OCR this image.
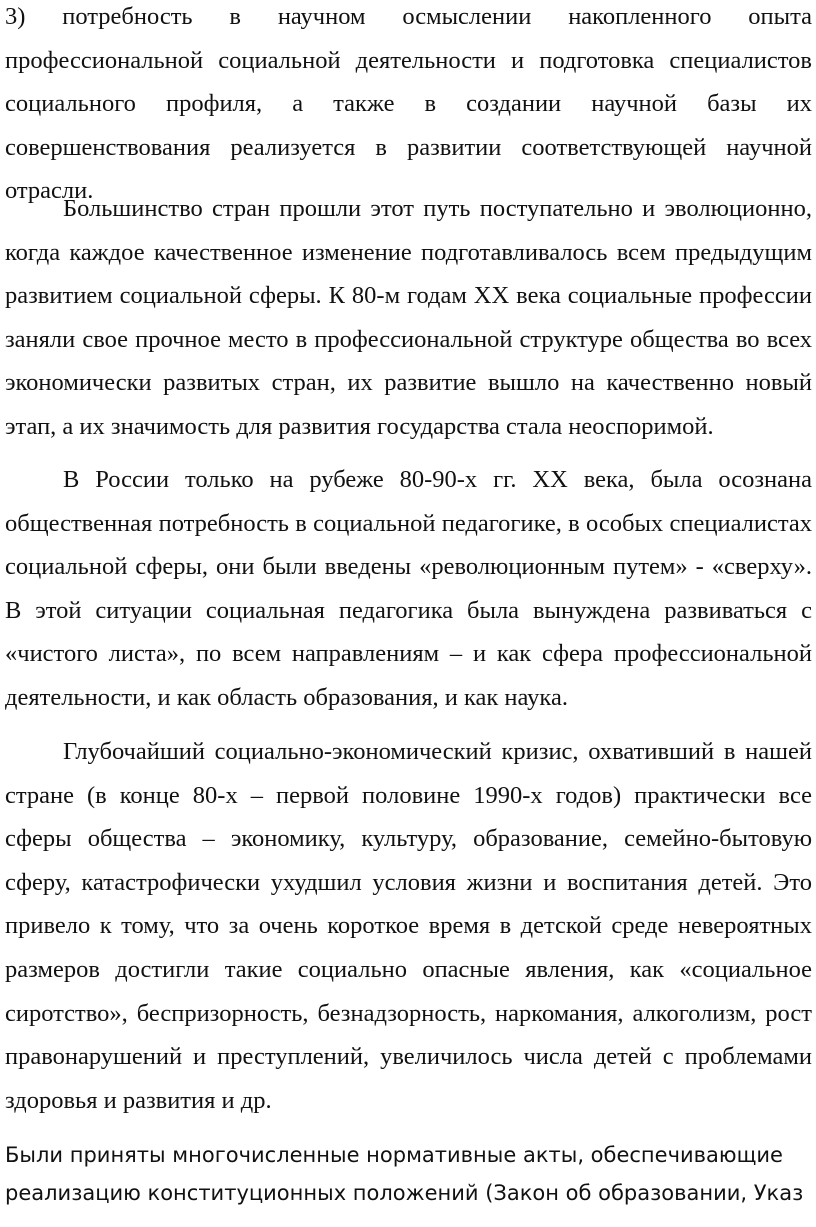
3) потребность в научном осмыслении накопленного опыта профессиональной социальной деятельности и подготовка специалистов социального профиля, а также в создании научной базы их совершенствования реализуется в развитии соответствующей научной отрасли.

Большинство стран прошли этот путь поступательно и эволюционно, когда каждое качественное изменение подготавливалось всем предыдущим развитием социальной сферы. К 80-м годам ХХ века социальные профессии заняли свое прочное место в профессиональной структуре общества во всех экономически развитых стран, их развитие вышло на качественно новый этап, а их значимость для развития государства стала неоспоримой.

В России только на рубеже 80-90-х гг. ХХ века, была осознана общественная потребность в социальной педагогике, в особых специалистах социальной сферы, они были введены «революционным путем» - «сверху». В этой ситуации социальная педагогика была вынуждена развиваться с «чистого листа», по всем направлениям – и как сфера профессиональной деятельности, и как область образования, и как наука.

Глубочайший социально-экономический кризис, охвативший в нашей стране (в конце 80-х – первой половине 1990-х годов) практически все сферы общества – экономику, культуру, образование, семейно-бытовую сферу, катастрофически ухудшил условия жизни и воспитания детей. Это привело к тому, что за очень короткое время в детской среде невероятных размеров достигли такие социально опасные явления, как «социальное сиротство», беспризорность, безнадзорность, наркомания, алкоголизм, рост правонарушений и преступлений, увеличилось числа детей с проблемами здоровья и развития и др.

Были приняты многочисленные нормативные акты, обеспечивающие реализацию конституционных положений (Закон об образовании, Указ
